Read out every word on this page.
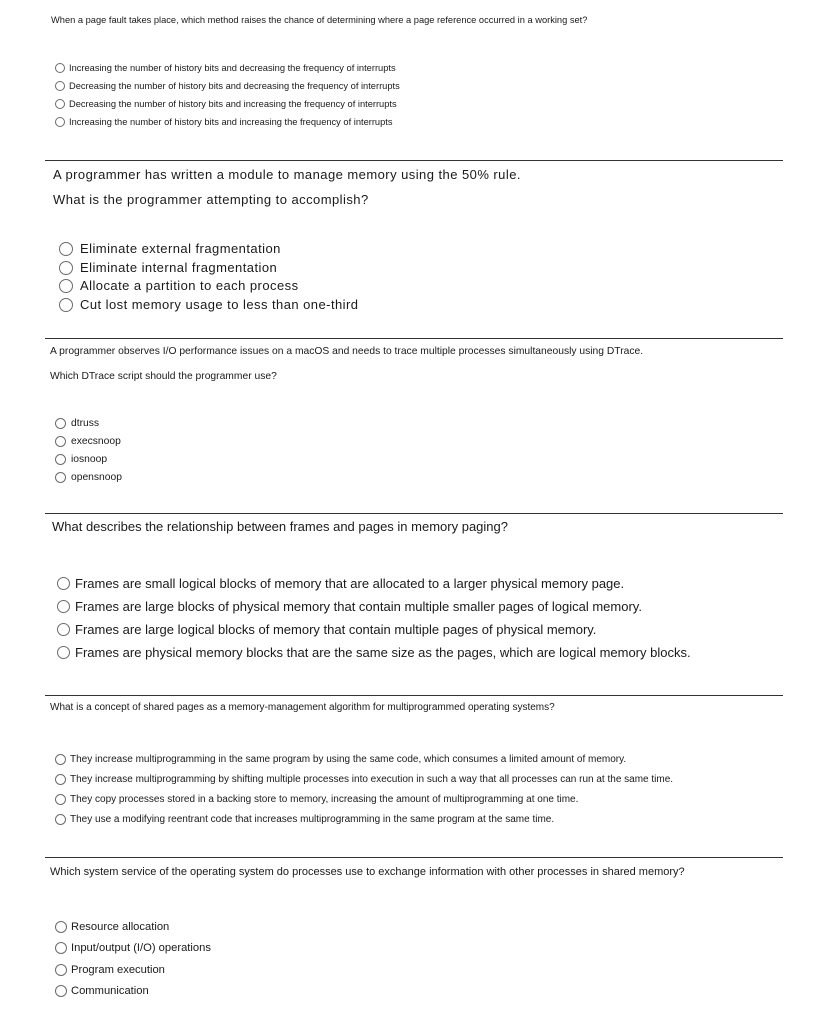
When a page fault takes place, which method raises the chance of determining where a page reference occurred in a working set?
Increasing the number of history bits and decreasing the frequency of interrupts
Decreasing the number of history bits and decreasing the frequency of interrupts
Decreasing the number of history bits and increasing the frequency of interrupts
Increasing the number of history bits and increasing the frequency of interrupts
A programmer has written a module to manage memory using the 50% rule.
What is the programmer attempting to accomplish?
Eliminate external fragmentation
Eliminate internal fragmentation
Allocate a partition to each process
Cut lost memory usage to less than one-third
A programmer observes I/O performance issues on a macOS and needs to trace multiple processes simultaneously using DTrace.
Which DTrace script should the programmer use?
dtruss
execsnoop
iosnoop
opensnoop
What describes the relationship between frames and pages in memory paging?
Frames are small logical blocks of memory that are allocated to a larger physical memory page.
Frames are large blocks of physical memory that contain multiple smaller pages of logical memory.
Frames are large logical blocks of memory that contain multiple pages of physical memory.
Frames are physical memory blocks that are the same size as the pages, which are logical memory blocks.
What is a concept of shared pages as a memory-management algorithm for multiprogrammed operating systems?
They increase multiprogramming in the same program by using the same code, which consumes a limited amount of memory.
They increase multiprogramming by shifting multiple processes into execution in such a way that all processes can run at the same time.
They copy processes stored in a backing store to memory, increasing the amount of multiprogramming at one time.
They use a modifying reentrant code that increases multiprogramming in the same program at the same time.
Which system service of the operating system do processes use to exchange information with other processes in shared memory?
Resource allocation
Input/output (I/O) operations
Program execution
Communication
